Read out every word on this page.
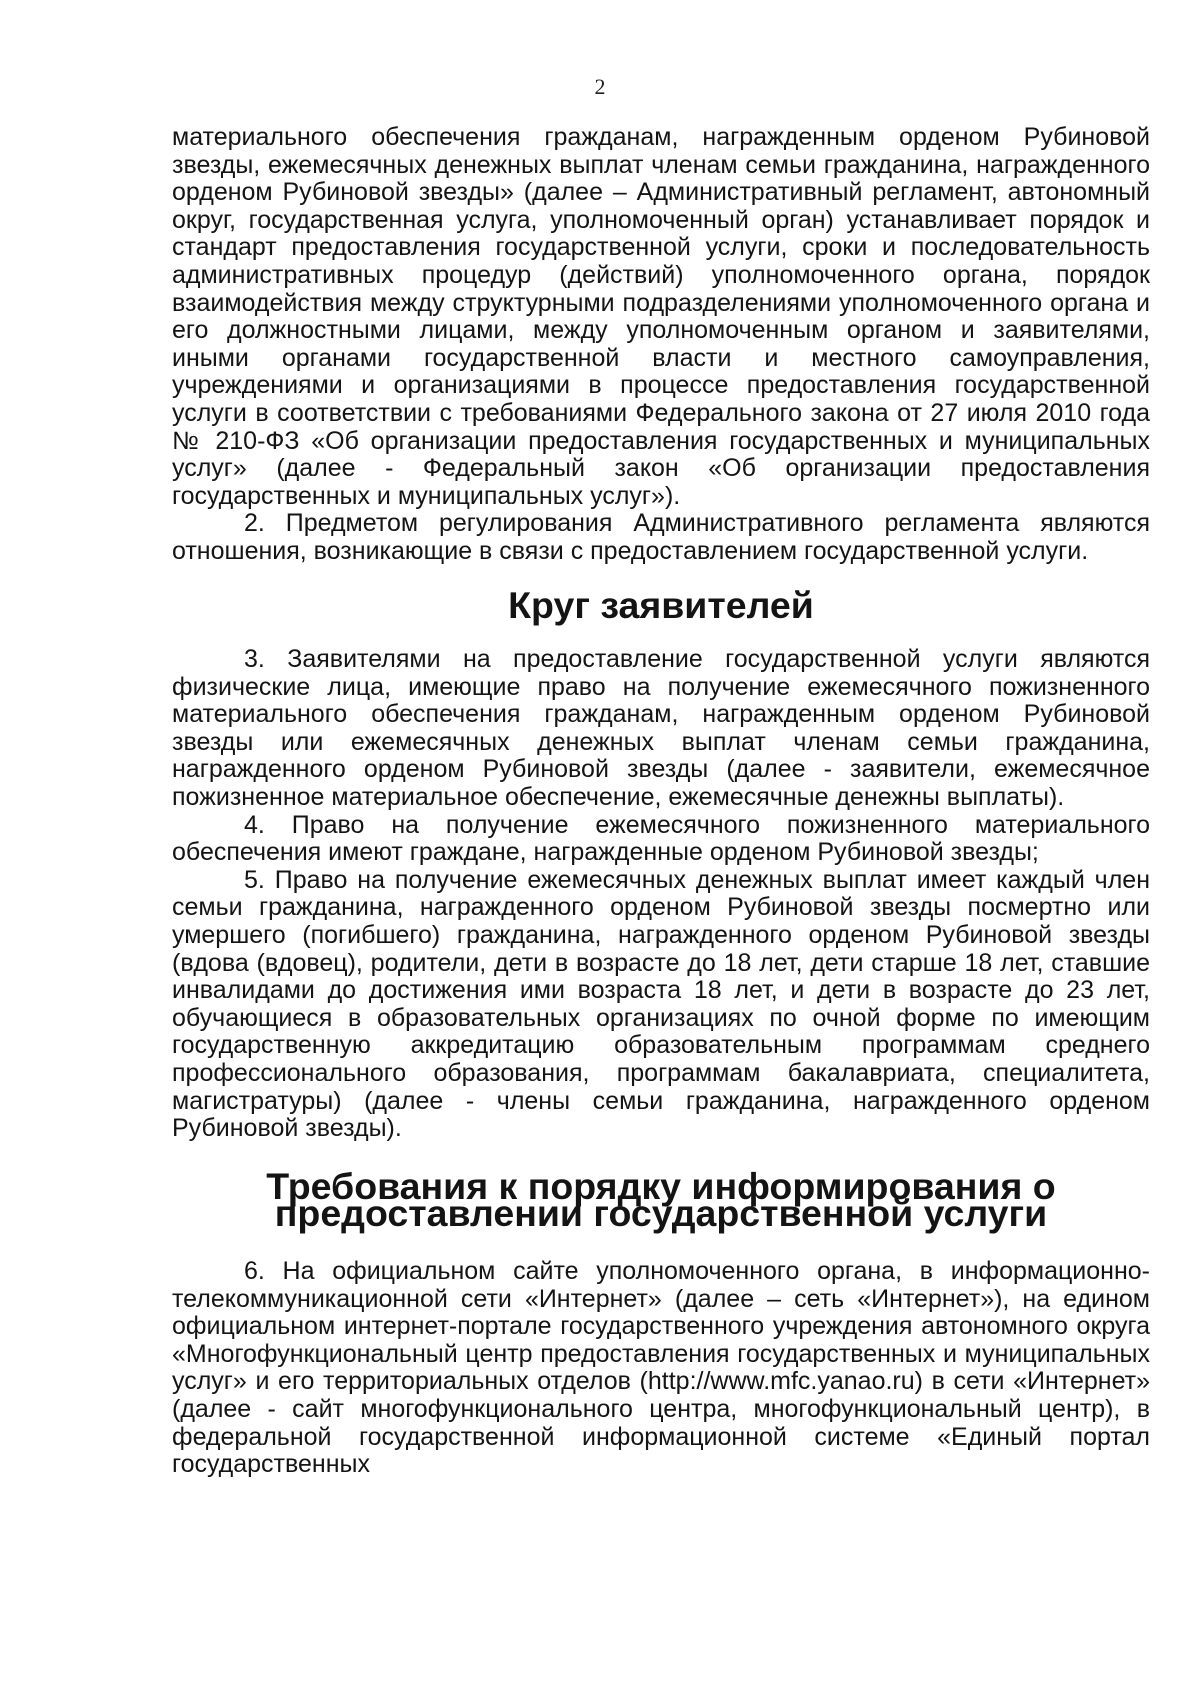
2

материального обеспечения гражданам, награжденным орденом Рубиновой звезды, ежемесячных денежных выплат членам семьи гражданина, награжденного орденом Рубиновой звезды» (далее – Административный регламент, автономный округ, государственная услуга, уполномоченный орган) устанавливает порядок и стандарт предоставления государственной услуги, сроки и последовательность административных процедур (действий) уполномоченного органа, порядок взаимодействия между структурными подразделениями уполномоченного органа и его должностными лицами, между уполномоченным органом и заявителями, иными органами государственной власти и местного самоуправления, учреждениями и организациями в процессе предоставления государственной услуги в соответствии с требованиями Федерального закона от 27 июля 2010 года № 210-ФЗ «Об организации предоставления государственных и муниципальных услуг» (далее - Федеральный закон «Об организации предоставления государственных и муниципальных услуг»).

2. Предметом регулирования Административного регламента являются отношения, возникающие в связи с предоставлением государственной услуги.

Круг заявителей

3. Заявителями на предоставление государственной услуги являются физические лица, имеющие право на получение ежемесячного пожизненного материального обеспечения гражданам, награжденным орденом Рубиновой звезды или ежемесячных денежных выплат членам семьи гражданина, награжденного орденом Рубиновой звезды (далее - заявители, ежемесячное пожизненное материальное обеспечение, ежемесячные денежны выплаты).

4. Право на получение ежемесячного пожизненного материального обеспечения имеют граждане, награжденные орденом Рубиновой звезды;

5. Право на получение ежемесячных денежных выплат имеет каждый член семьи гражданина, награжденного орденом Рубиновой звезды посмертно или умершего (погибшего) гражданина, награжденного орденом Рубиновой звезды (вдова (вдовец), родители, дети в возрасте до 18 лет, дети старше 18 лет, ставшие инвалидами до достижения ими возраста 18 лет, и дети в возрасте до 23 лет, обучающиеся в образовательных организациях по очной форме по имеющим государственную аккредитацию образовательным программам среднего профессионального образования, программам бакалавриата, специалитета, магистратуры) (далее - члены семьи гражданина, награжденного орденом Рубиновой звезды).

Требования к порядку информирования о предоставлении государственной услуги

6. На официальном сайте уполномоченного органа, в информационно-телекоммуникационной сети «Интернет» (далее – сеть «Интернет»), на едином официальном интернет-портале государственного учреждения автономного округа «Многофункциональный центр предоставления государственных и муниципальных услуг» и его территориальных отделов (http://www.mfc.yanao.ru) в сети «Интернет» (далее - сайт многофункционального центра, многофункциональный центр), в федеральной государственной информационной системе «Единый портал государственных
